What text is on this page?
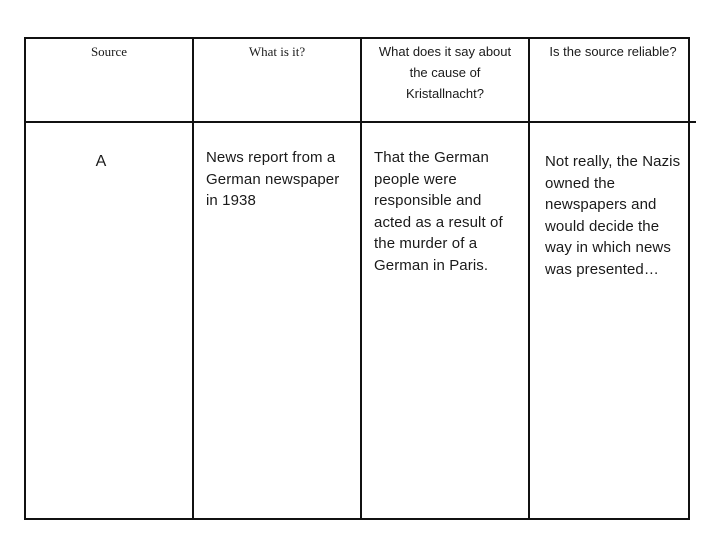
Source	What is it?	What does it say about the cause of Kristallnacht?	Is the source reliable?

A	News report from a German newspaper in 1938	That the German people were responsible and acted as a result of the murder of a German in Paris.	Not really, the Nazis owned the newspapers and would decide the way in which news was presented…
